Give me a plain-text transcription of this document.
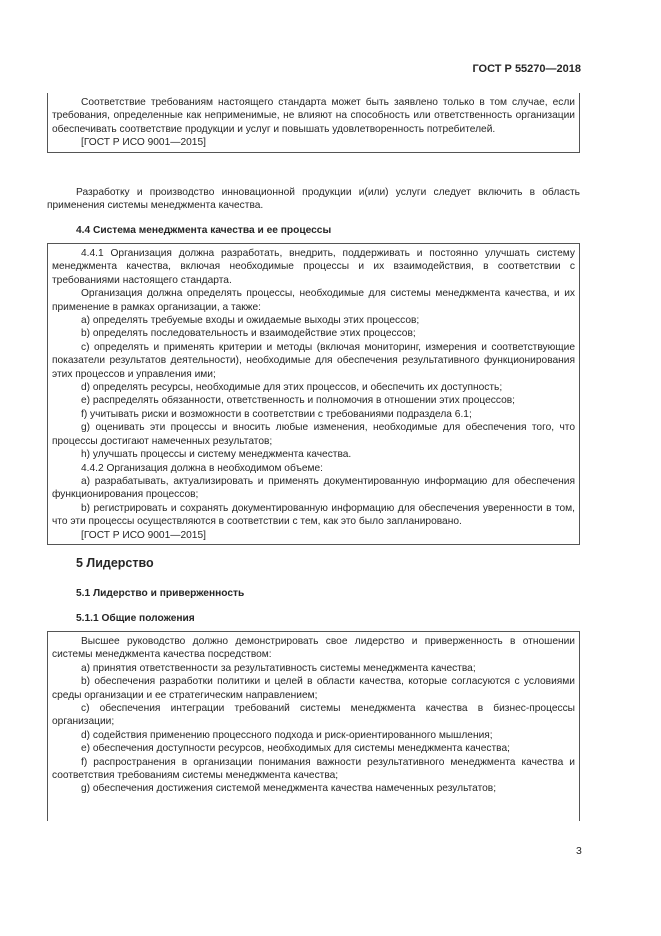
ГОСТ Р 55270—2018

Соответствие требованиям настоящего стандарта может быть заявлено только в том случае, если требования, определенные как неприменимые, не влияют на способность или ответственность организации обеспечивать соответствие продукции и услуг и повышать удовлетворенность потребителей.

[ГОСТ Р ИСО 9001—2015]

Разработку и производство инновационной продукции и(или) услуги следует включить в область применения системы менеджмента качества.

4.4 Система менеджмента качества и ее процессы

4.4.1 Организация должна разработать, внедрить, поддерживать и постоянно улучшать систему менеджмента качества, включая необходимые процессы и их взаимодействия, в соответствии с требованиями настоящего стандарта.

Организация должна определять процессы, необходимые для системы менеджмента качества, и их применение в рамках организации, а также:

a) определять требуемые входы и ожидаемые выходы этих процессов;

b) определять последовательность и взаимодействие этих процессов;

c) определять и применять критерии и методы (включая мониторинг, измерения и соответствующие показатели результатов деятельности), необходимые для обеспечения результативного функционирования этих процессов и управления ими;

d) определять ресурсы, необходимые для этих процессов, и обеспечить их доступность;

e) распределять обязанности, ответственность и полномочия в отношении этих процессов;

f) учитывать риски и возможности в соответствии с требованиями подраздела 6.1;

g) оценивать эти процессы и вносить любые изменения, необходимые для обеспечения того, что процессы достигают намеченных результатов;

h) улучшать процессы и систему менеджмента качества.

4.4.2 Организация должна в необходимом объеме:

a) разрабатывать, актуализировать и применять документированную информацию для обеспечения функционирования процессов;

b) регистрировать и сохранять документированную информацию для обеспечения уверенности в том, что эти процессы осуществляются в соответствии с тем, как это было запланировано.

[ГОСТ Р ИСО 9001—2015]

5 Лидерство
5.1 Лидерство и приверженность
5.1.1 Общие положения

Высшее руководство должно демонстрировать свое лидерство и приверженность в отношении системы менеджмента качества посредством:

a) принятия ответственности за результативность системы менеджмента качества;

b) обеспечения разработки политики и целей в области качества, которые согласуются с условиями среды организации и ее стратегическим направлением;

c) обеспечения интеграции требований системы менеджмента качества в бизнес-процессы организации;

d) содействия применению процессного подхода и риск-ориентированного мышления;

e) обеспечения доступности ресурсов, необходимых для системы менеджмента качества;

f) распространения в организации понимания важности результативного менеджмента качества и соответствия требованиям системы менеджмента качества;

g) обеспечения достижения системой менеджмента качества намеченных результатов;

3
